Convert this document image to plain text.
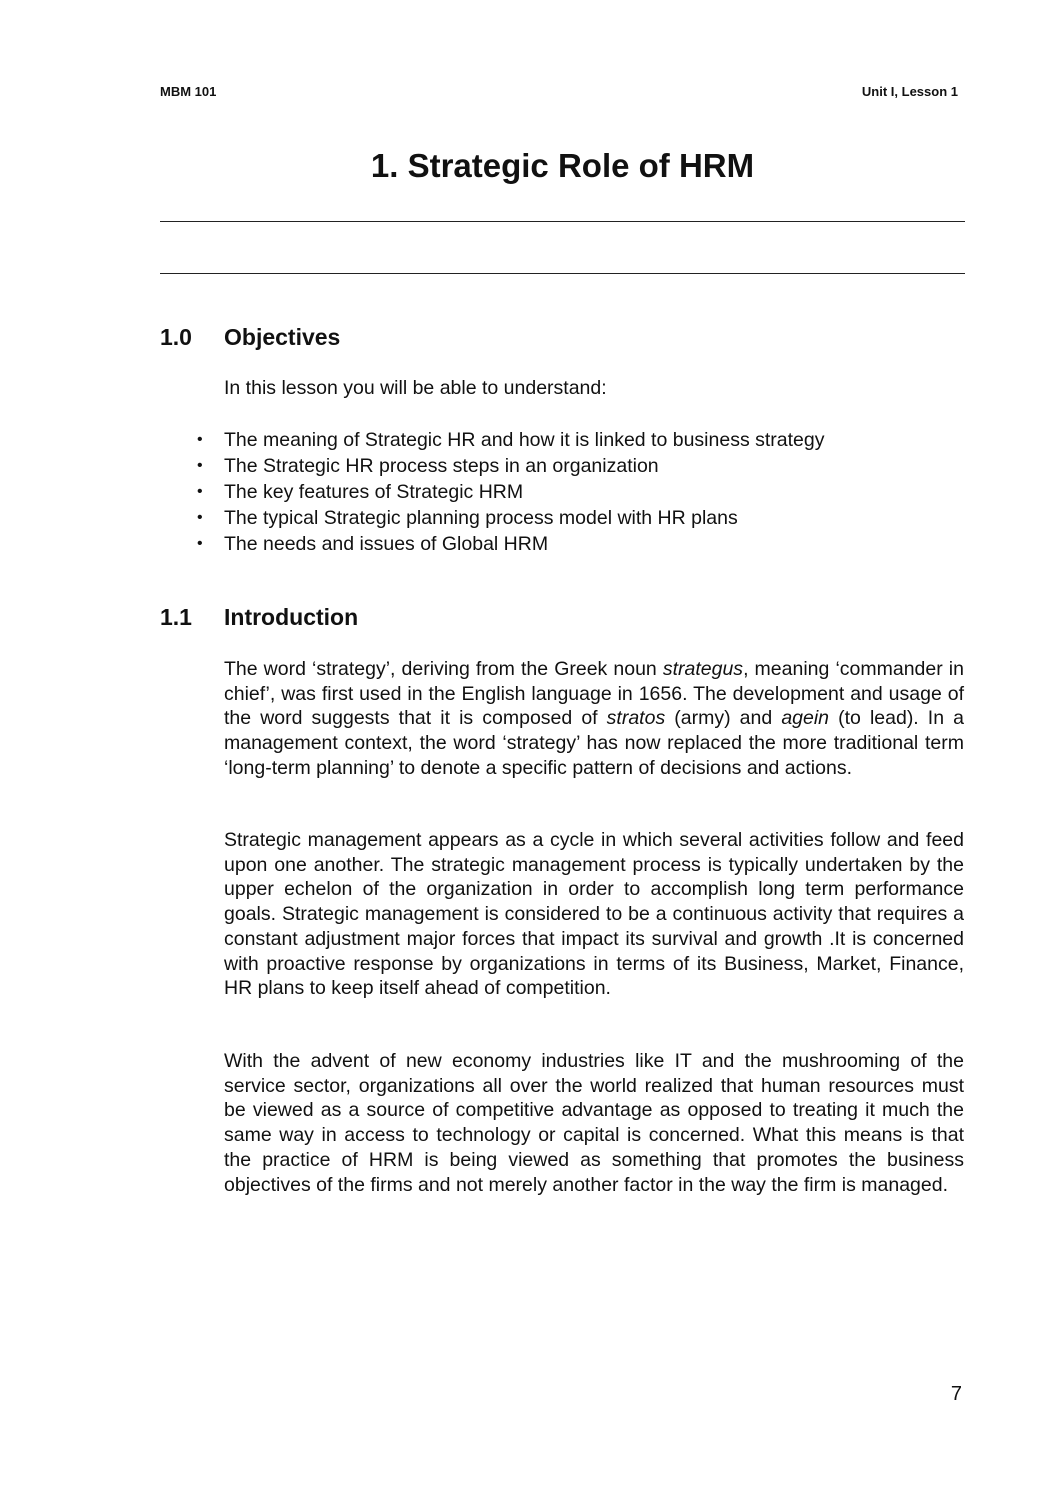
MBM 101	Unit I, Lesson 1
1. Strategic Role of HRM
1.0 Objectives
In this lesson you will be able to understand:
• The meaning of Strategic HR and how it is linked to business strategy
• The Strategic HR process steps in an organization
• The key features of Strategic HRM
• The typical Strategic planning process model with HR plans
• The needs and issues of Global HRM
1.1 Introduction

The word ‘strategy’, deriving from the Greek noun strategus, meaning ‘commander in chief’, was first used in the English language in 1656. The development and usage of the word suggests that it is composed of stratos (army) and agein (to lead). In a management context, the word ‘strategy’ has now replaced the more traditional term ‘long-term planning’ to denote a specific pattern of decisions and actions.

Strategic management appears as a cycle in which several activities follow and feed upon one another. The strategic management process is typically undertaken by the upper echelon of the organization in order to accomplish long term performance goals. Strategic management is considered to be a continuous activity that requires a constant adjustment major forces that impact its survival and growth .It is concerned with proactive response by organizations in terms of its Business, Market, Finance, HR plans to keep itself ahead of competition.

With the advent of new economy industries like IT and the mushrooming of the service sector, organizations all over the world realized that human resources must be viewed as a source of competitive advantage as opposed to treating it much the same way in access to technology or capital is concerned. What this means is that the practice of HRM is being viewed as something that promotes the business objectives of the firms and not merely another factor in the way the firm is managed.

7
